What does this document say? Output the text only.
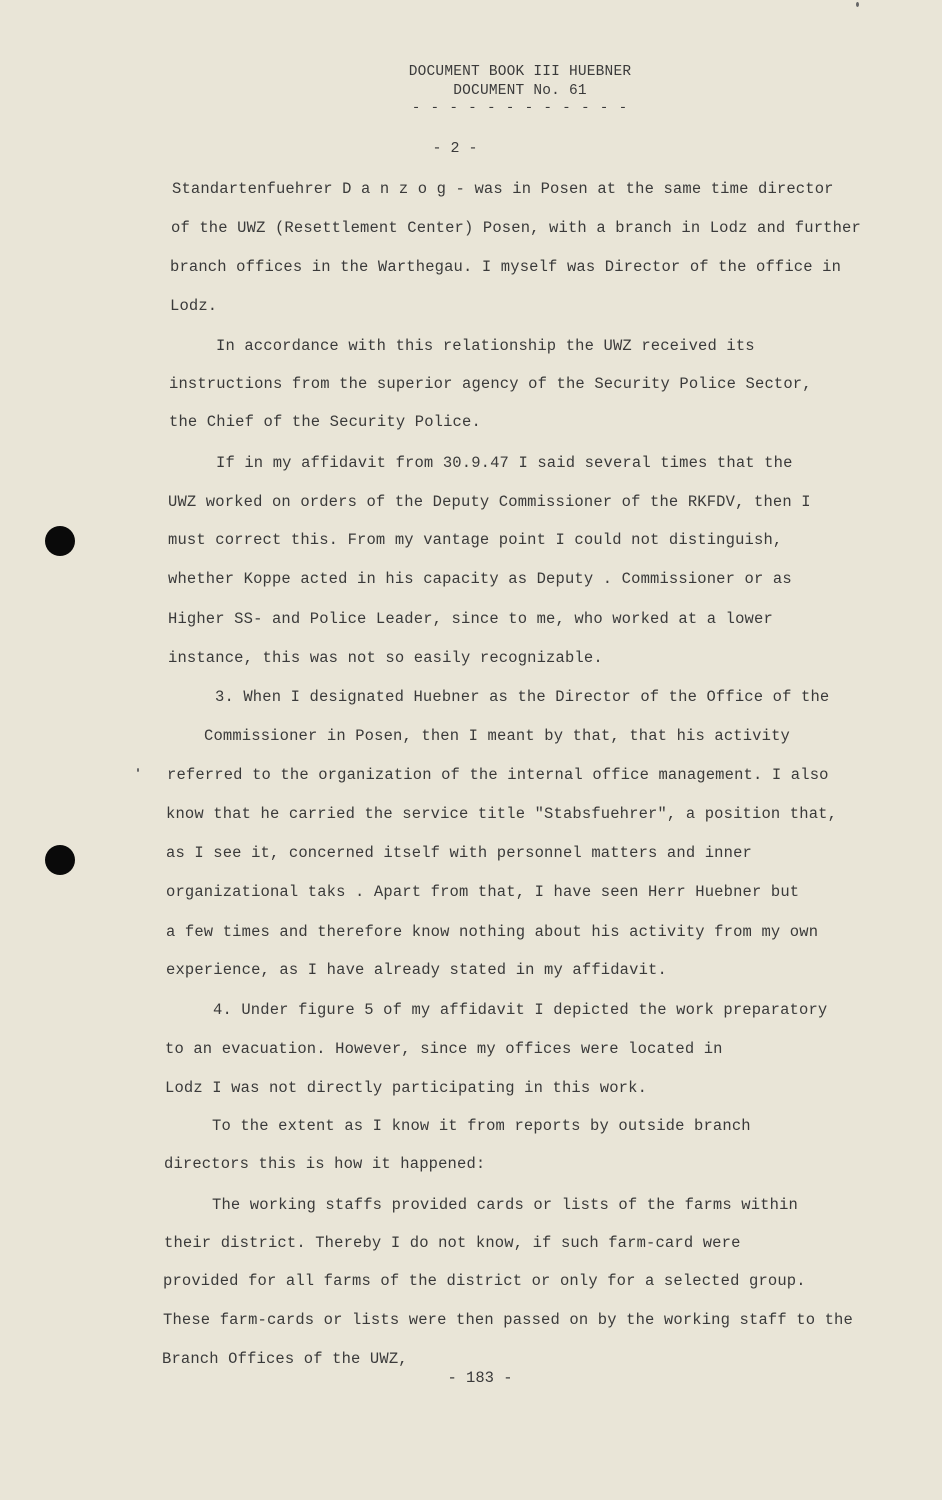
DOCUMENT BOOK III HUEBNER
DOCUMENT No. 61
- - - - - - - - - - - -
- 2 -
Standartenfuehrer D a n z o g - was in Posen at the same time director
of the UWZ (Resettlement Center) Posen, with a branch in Lodz and further
branch offices in the Warthegau. I myself was Director of the office in
Lodz.
In accordance with this relationship the UWZ received its
instructions from the superior agency of the Security Police Sector,
the Chief of the Security Police.
If in my affidavit from 30.9.47 I said several times that the
UWZ worked on orders of the Deputy Commissioner of the RKFDV, then I
must correct this. From my vantage point I could not distinguish,
whether Koppe acted in his capacity as Deputy . Commissioner or as
Higher SS- and Police Leader, since to me, who worked at a lower
instance, this was not so easily recognizable.
3. When I designated Huebner as the Director of the Office of the
Commissioner in Posen, then I meant by that, that his activity
referred to the organization of the internal office management. I also
know that he carried the service title "Stabsfuehrer", a position that,
as I see it, concerned itself with personnel matters and inner
organizational taks . Apart from that, I have seen Herr Huebner but
a few times and therefore know nothing about his activity from my own
experience, as I have already stated in my affidavit.
4. Under figure 5 of my affidavit I depicted the work preparatory
to an evacuation. However, since my offices were located in
Lodz I was not directly participating in this work.
To the extent as I know it from reports by outside branch
directors this is how it happened:
The working staffs provided cards or lists of the farms within
their district. Thereby I do not know, if such farm-card were
provided for all farms of the district or only for a selected group.
These farm-cards or lists were then passed on by the working staff to the
Branch Offices of the UWZ,
- 183 -
